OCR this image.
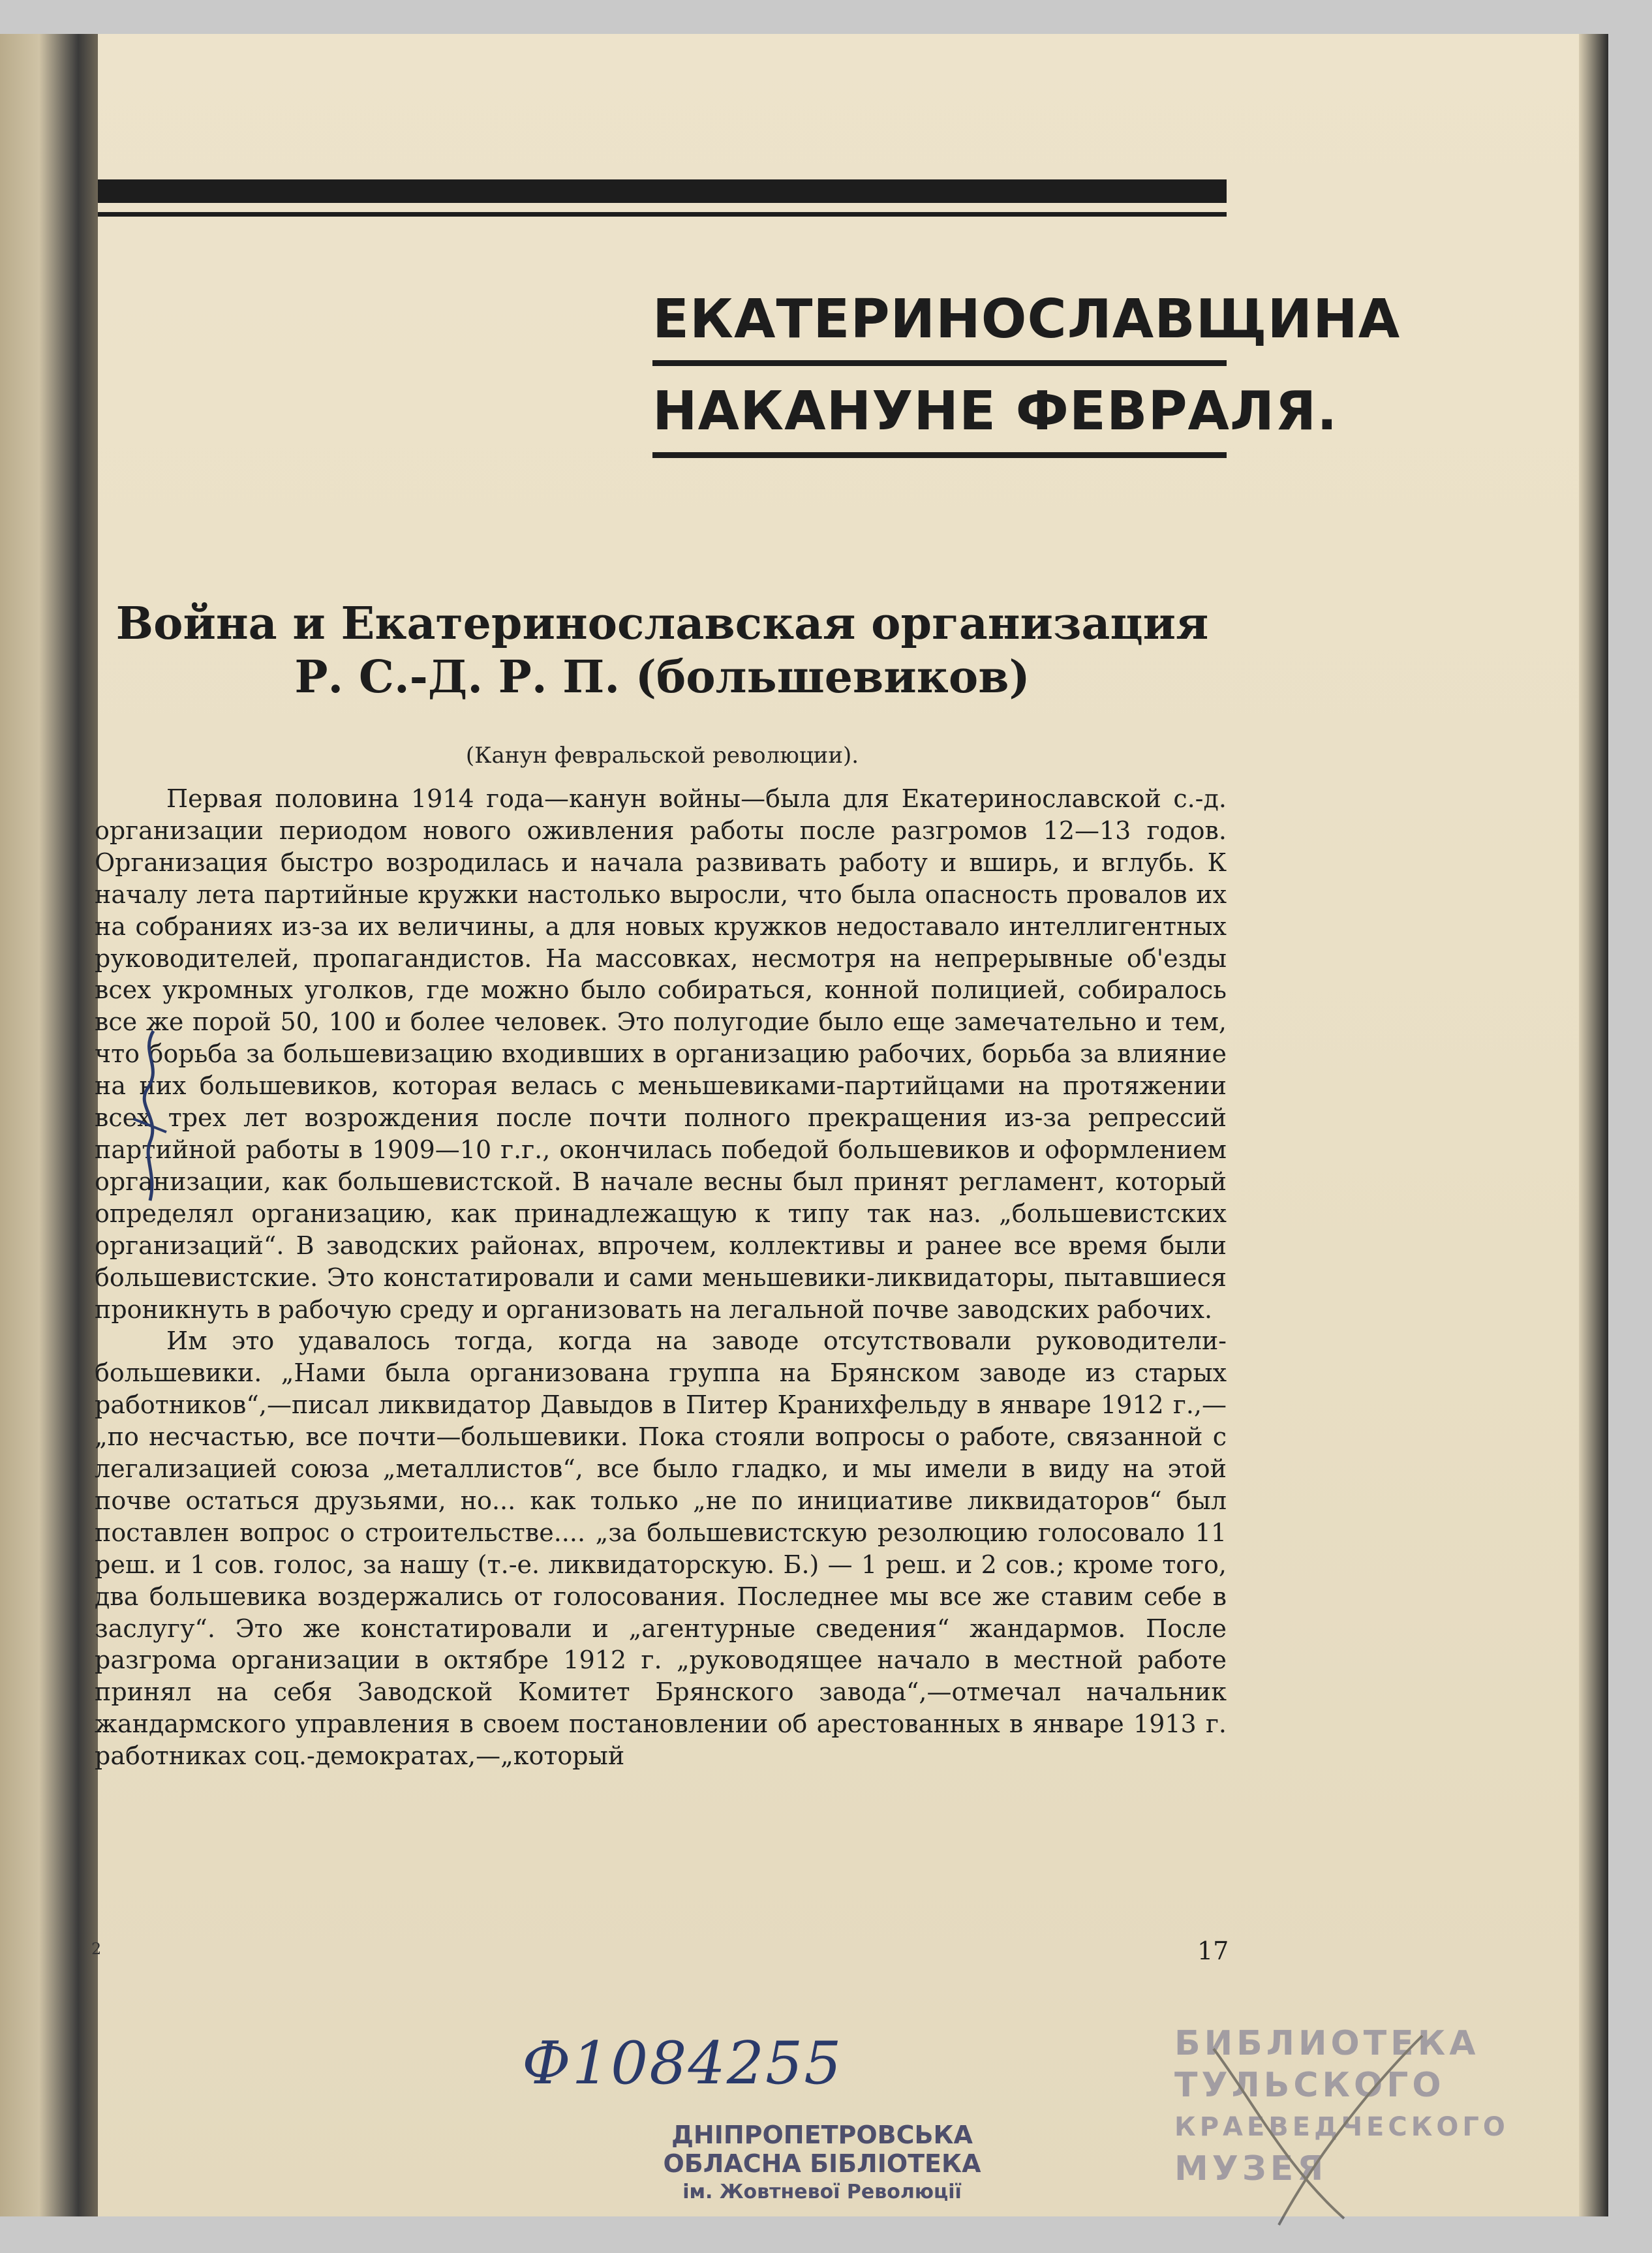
ЕКАТЕРИНОСЛАВЩИНА
НАКАНУНЕ ФЕВРАЛЯ.
Война и Екатеринославская организация
Р. С.-Д. Р. П. (большевиков)
(Канун февральской революции).

Первая половина 1914 года—канун войны—была для Екатеринославской с.-д. организации периодом нового оживления работы после разгромов 12—13 годов. Организация быстро возродилась и начала развивать работу и вширь, и вглубь. К началу лета партийные кружки настолько выросли, что была опасность провалов их на собраниях из-за их величины, а для новых кружков недоставало интеллигентных руководителей, пропагандистов. На массовках, несмотря на непрерывные об'езды всех укромных уголков, где можно было собираться, конной полицией, собиралось все же порой 50, 100 и более человек. Это полугодие было еще замечательно и тем, что борьба за большевизацию входивших в организацию рабочих, борьба за влияние на них большевиков, которая велась с меньшевиками-партийцами на протяжении всех трех лет возрождения после почти полного прекращения из-за репрессий партийной работы в 1909—10 г.г., окончилась победой большевиков и оформлением организации, как большевистской. В начале весны был принят регламент, который определял организацию, как принадлежащую к типу так наз. „большевистских организаций“. В заводских районах, впрочем, коллективы и ранее все время были большевистские. Это констатировали и сами меньшевики-ликвидаторы, пытавшиеся проникнуть в рабочую среду и организовать на легальной почве заводских рабочих.

Им это удавалось тогда, когда на заводе отсутствовали руководители-большевики. „Нами была организована группа на Брянском заводе из старых работников“,—писал ликвидатор Давыдов в Питер Кранихфельду в январе 1912 г.,—„по несчастью, все почти—большевики. Пока стояли вопросы о работе, связанной с легализацией союза „металлистов“, все было гладко, и мы имели в виду на этой почве остаться друзьями, но... как только „не по инициативе ликвидаторов“ был поставлен вопрос о строительстве.... „за большевистскую резолюцию голосовало 11 реш. и 1 сов. голос, за нашу (т.-е. ликвидаторскую. Б.) — 1 реш. и 2 сов.; кроме того, два большевика воздержались от голосования. Последнее мы все же ставим себе в заслугу“. Это же констатировали и „агентурные сведения“ жандармов. После разгрома организации в октябре 1912 г. „руководящее начало в местной работе принял на себя Заводской Комитет Брянского завода“,—отмечал начальник жандармского управления в своем постановлении об арестованных в январе 1913 г. работниках соц.-демократах,—„который

2	17
Ф1084255
ДНІПРОПЕТРОВСЬКА
ОБЛАСНА БІБЛІОТЕКА
ім. Жовтневої Революції
БИБЛИОТЕКА
ТУЛЬСКОГО
КРАЕВЕДЧЕСКОГО
МУЗЕЯ
